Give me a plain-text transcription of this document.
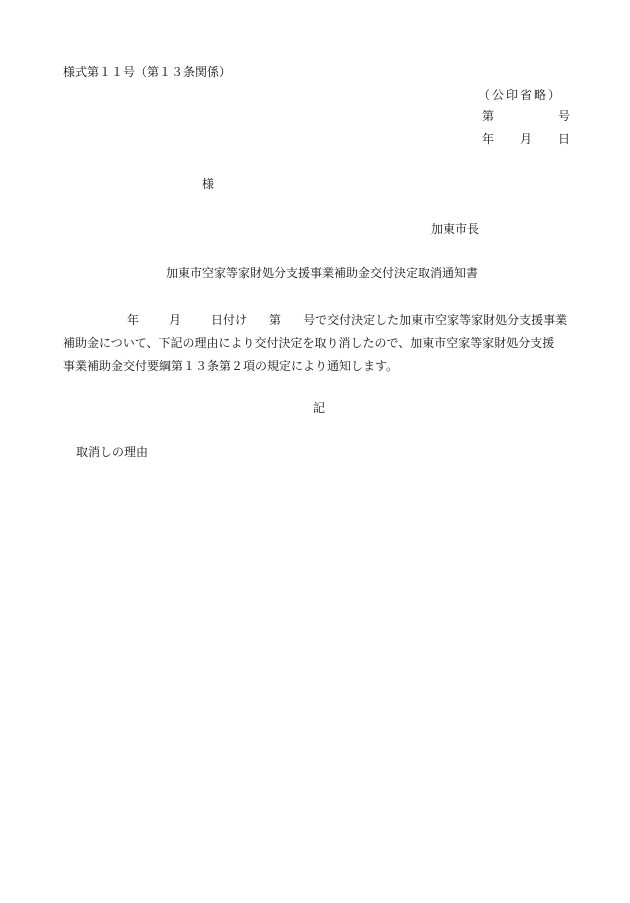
様式第１１号（第１３条関係）
（公印省略）
第	号
年 月 日
様
加東市長
加東市空家等家財処分支援事業補助金交付決定取消通知書
年	月	日付け 第 号で交付決定した加東市空家等家財処分支援事業
補助金について、下記の理由により交付決定を取り消したので、加東市空家等家財処分支援
事業補助金交付要綱第１３条第２項の規定により通知します。
記
取消しの理由
